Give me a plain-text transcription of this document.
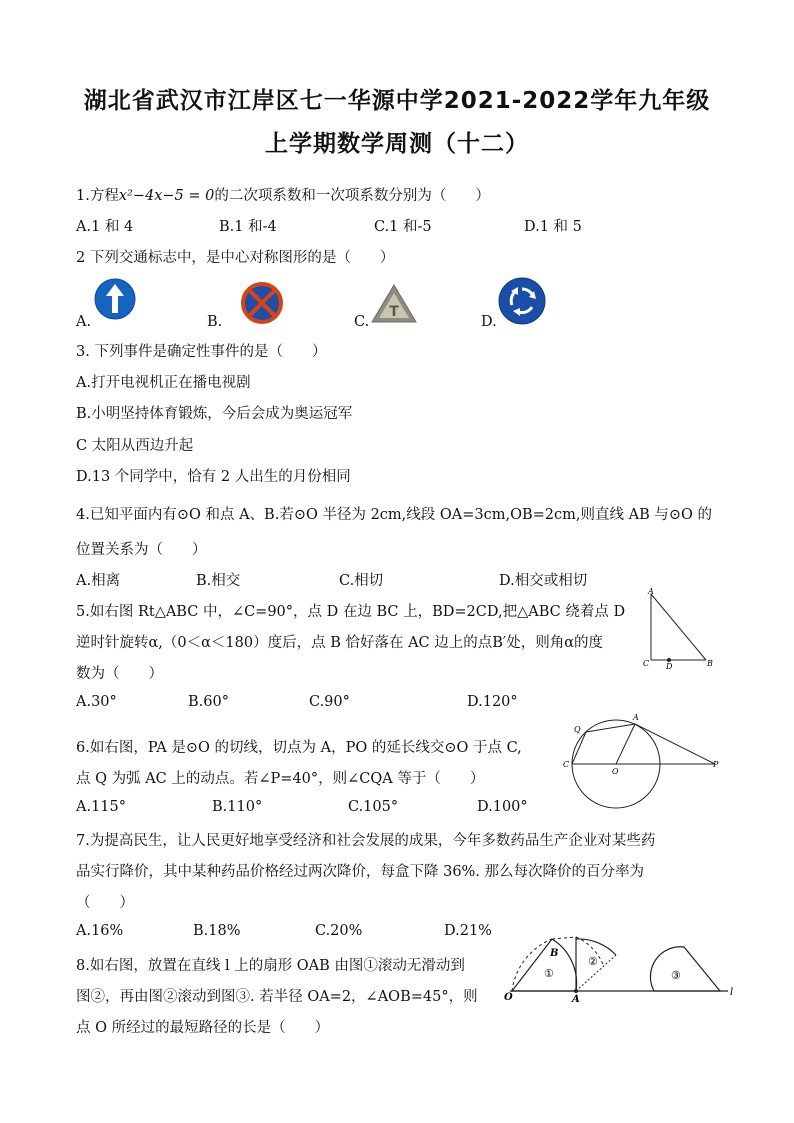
湖北省武汉市江岸区七一华源中学2021-2022学年九年级
上学期数学周测（十二）
1.方程x²−4x−5 = 0的二次项系数和一次项系数分别为（　　）
A.1 和 4	B.1 和-4	C.1 和-5	D.1 和 5
2 下列交通标志中，是中心对称图形的是（　　）
A.	B.	C.	D.
T
3. 下列事件是确定性事件的是（　　）
A.打开电视机正在播电视剧
B.小明坚持体育锻炼，今后会成为奥运冠军
C 太阳从西边升起
D.13 个同学中，恰有 2 人出生的月份相同
4.已知平面内有⊙O 和点 A、B.若⊙O 半径为 2cm,线段 OA=3cm,OB=2cm,则直线 AB 与⊙O 的
位置关系为（　　）
A.相离	B.相交	C.相切	D.相交或相切
5.如右图 Rt△ABC 中，∠C=90°，点 D 在边 BC 上，BD=2CD,把△ABC 绕着点 D
逆时针旋转α,（0＜α＜180）度后，点 B 恰好落在 AC 边上的点B′处，则角α的度
数为（　　）
A.30°	B.60°	C.90°	D.120°
A
C D	B
6.如右图，PA 是⊙O 的切线，切点为 A，PO 的延长线交⊙O 于点 C,
点 Q 为弧 AC 上的动点。若∠P=40°，则∠CQA 等于（　　）
A.115°	B.110°	C.105°	D.100°
Q
A
C
O
P
7.为提高民生，让人民更好地享受经济和社会发展的成果，今年多数药品生产企业对某些药
品实行降价，其中某种药品价格经过两次降价，每盒下降 36%. 那么每次降价的百分率为
（　　）
A.16%	B.18%	C.20%	D.21%
8.如右图，放置在直线 l 上的扇形 OAB 由图①滚动无滑动到
图②，再由图②滚动到图③. 若半径 OA=2，∠AOB=45°，则
点 O 所经过的最短路径的长是（　　）
O	A
B
l
①
②
③
